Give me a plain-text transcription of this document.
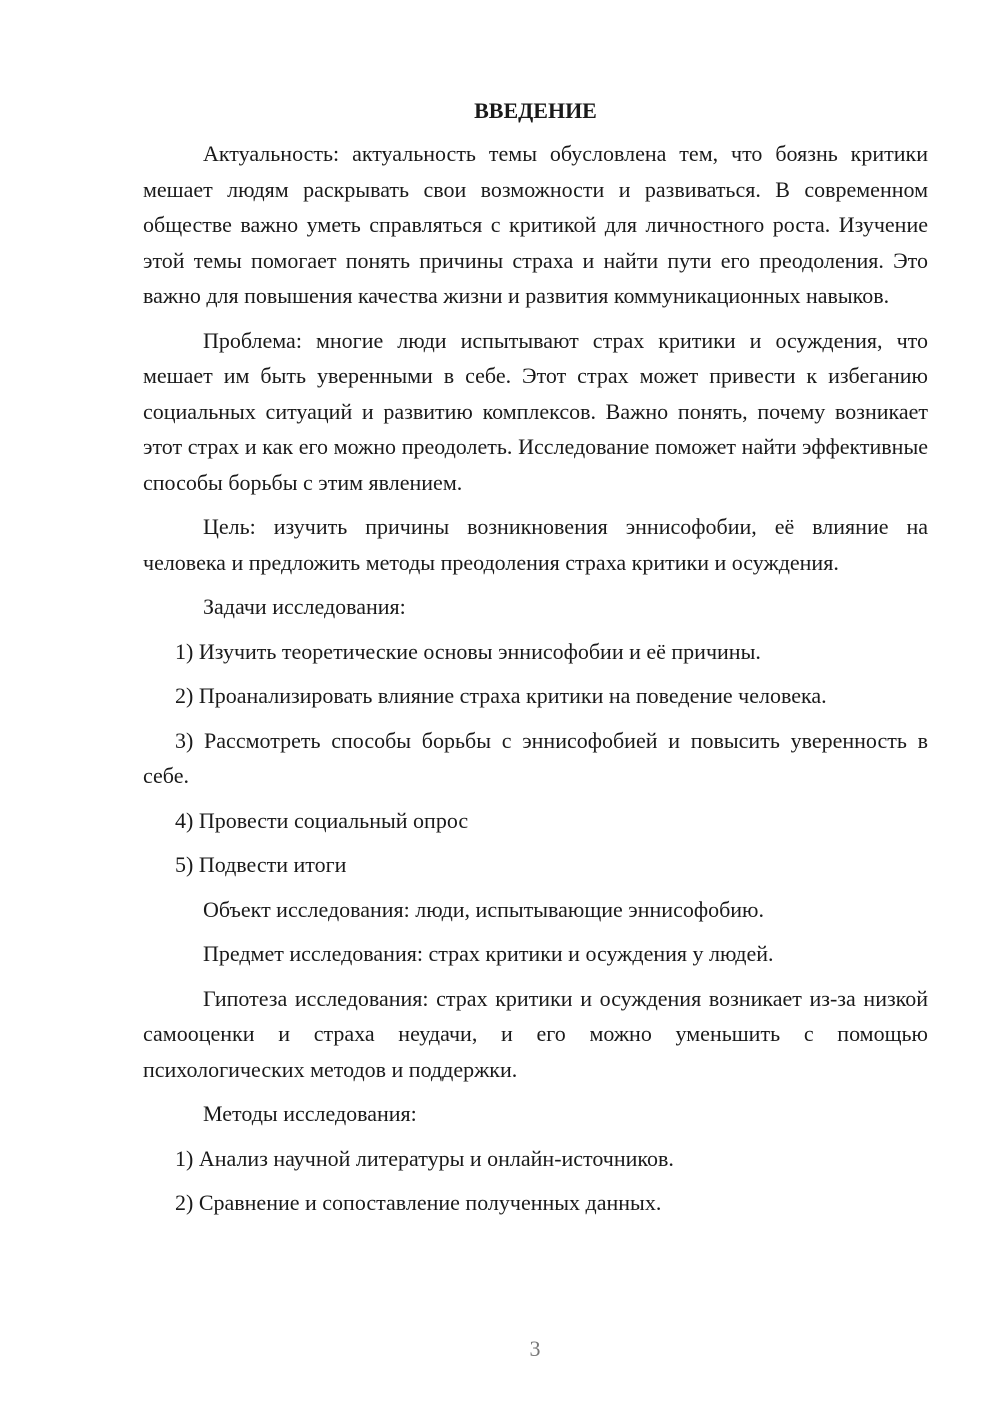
ВВЕДЕНИЕ

Актуальность: актуальность темы обусловлена тем, что боязнь критики мешает людям раскрывать свои возможности и развиваться. В современном обществе важно уметь справляться с критикой для личностного роста. Изучение этой темы помогает понять причины страха и найти пути его преодоления. Это важно для повышения качества жизни и развития коммуникационных навыков.

Проблема: многие люди испытывают страх критики и осуждения, что мешает им быть уверенными в себе. Этот страх может привести к избеганию социальных ситуаций и развитию комплексов. Важно понять, почему возникает этот страх и как его можно преодолеть. Исследование поможет найти эффективные способы борьбы с этим явлением.

Цель: изучить причины возникновения эннисофобии, её влияние на человека и предложить методы преодоления страха критики и осуждения.

Задачи исследования:

1) Изучить теоретические основы эннисофобии и её причины.

2) Проанализировать влияние страха критики на поведение человека.

3) Рассмотреть способы борьбы с эннисофобией и повысить уверенность в себе.

4) Провести социальный опрос

5) Подвести итоги

Объект исследования: люди, испытывающие эннисофобию.

Предмет исследования: страх критики и осуждения у людей.

Гипотеза исследования: страх критики и осуждения возникает из-за низкой самооценки и страха неудачи, и его можно уменьшить с помощью психологических методов и поддержки.

Методы исследования:

1) Анализ научной литературы и онлайн-источников.

2) Сравнение и сопоставление полученных данных.

3
